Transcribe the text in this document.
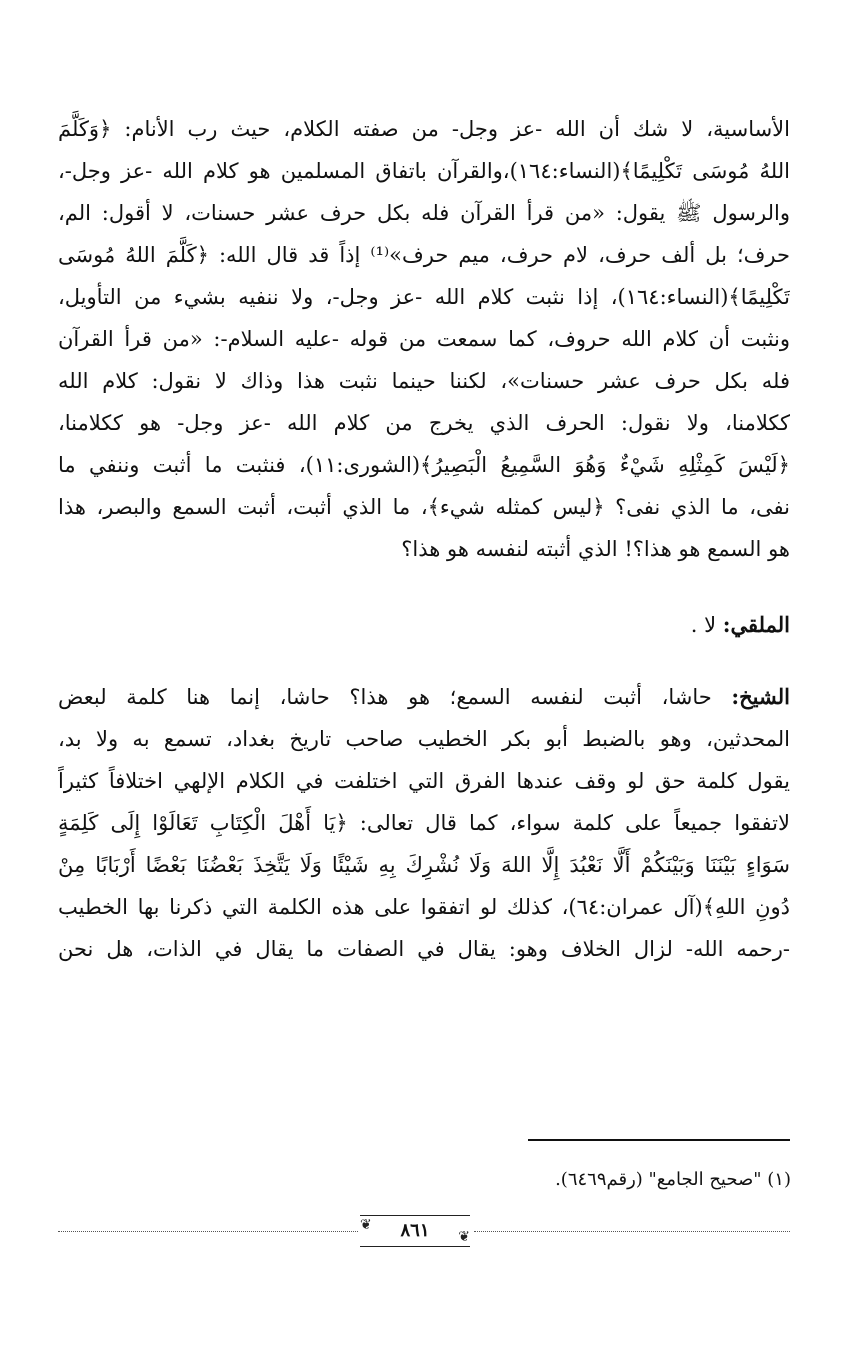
الأساسية، لا شك أن الله -عز وجل- من صفته الكلام، حيث رب الأنام: ﴿وَكَلَّمَ
اللهُ مُوسَى تَكْلِيمًا﴾(النساء:١٦٤)،والقرآن باتفاق المسلمين هو كلام الله -عز وجل-،
والرسول ﷺ يقول: «من قرأ القرآن فله بكل حرف عشر حسنات، لا أقول: الم،
حرف؛ بل ألف حرف، لام حرف، ميم حرف»⁽¹⁾ إذاً قد قال الله: ﴿كَلَّمَ اللهُ مُوسَى
تَكْلِيمًا﴾(النساء:١٦٤)، إذا نثبت كلام الله -عز وجل-، ولا ننفيه بشيء من التأويل،
ونثبت أن كلام الله حروف، كما سمعت من قوله -عليه السلام-: «من قرأ القرآن
فله بكل حرف عشر حسنات»، لكننا حينما نثبت هذا وذاك لا نقول: كلام الله
ككلامنا، ولا نقول: الحرف الذي يخرج من كلام الله -عز وجل- هو ككلامنا،
﴿لَيْسَ كَمِثْلِهِ شَيْءٌ وَهُوَ السَّمِيعُ الْبَصِيرُ﴾(الشورى:١١)، فنثبت ما أثبت وننفي ما
نفى، ما الذي نفى؟ ﴿ليس كمثله شيء﴾، ما الذي أثبت، أثبت السمع والبصر، هذا
هو السمع هو هذا؟! الذي أثبته لنفسه هو هذا؟
الملقي: لا .
الشيخ: حاشا، أثبت لنفسه السمع؛ هو هذا؟ حاشا، إنما هنا كلمة لبعض
المحدثين، وهو بالضبط أبو بكر الخطيب صاحب تاريخ بغداد، تسمع به ولا بد،
يقول كلمة حق لو وقف عندها الفرق التي اختلفت في الكلام الإلهي اختلافاً كثيراً
لاتفقوا جميعاً على كلمة سواء، كما قال تعالى: ﴿يَا أَهْلَ الْكِتَابِ تَعَالَوْا إِلَى كَلِمَةٍ
سَوَاءٍ بَيْنَنَا وَبَيْنَكُمْ أَلَّا نَعْبُدَ إِلَّا اللهَ وَلَا نُشْرِكَ بِهِ شَيْئًا وَلَا يَتَّخِذَ بَعْضُنَا بَعْضًا أَرْبَابًا مِنْ
دُونِ اللهِ﴾(آل عمران:٦٤)، كذلك لو اتفقوا على هذه الكلمة التي ذكرنا بها الخطيب
-رحمه الله- لزال الخلاف وهو: يقال في الصفات ما يقال في الذات، هل نحن
(١) "صحيح الجامع" (رقم٦٤٦٩).
❦
❦
٨٦١
